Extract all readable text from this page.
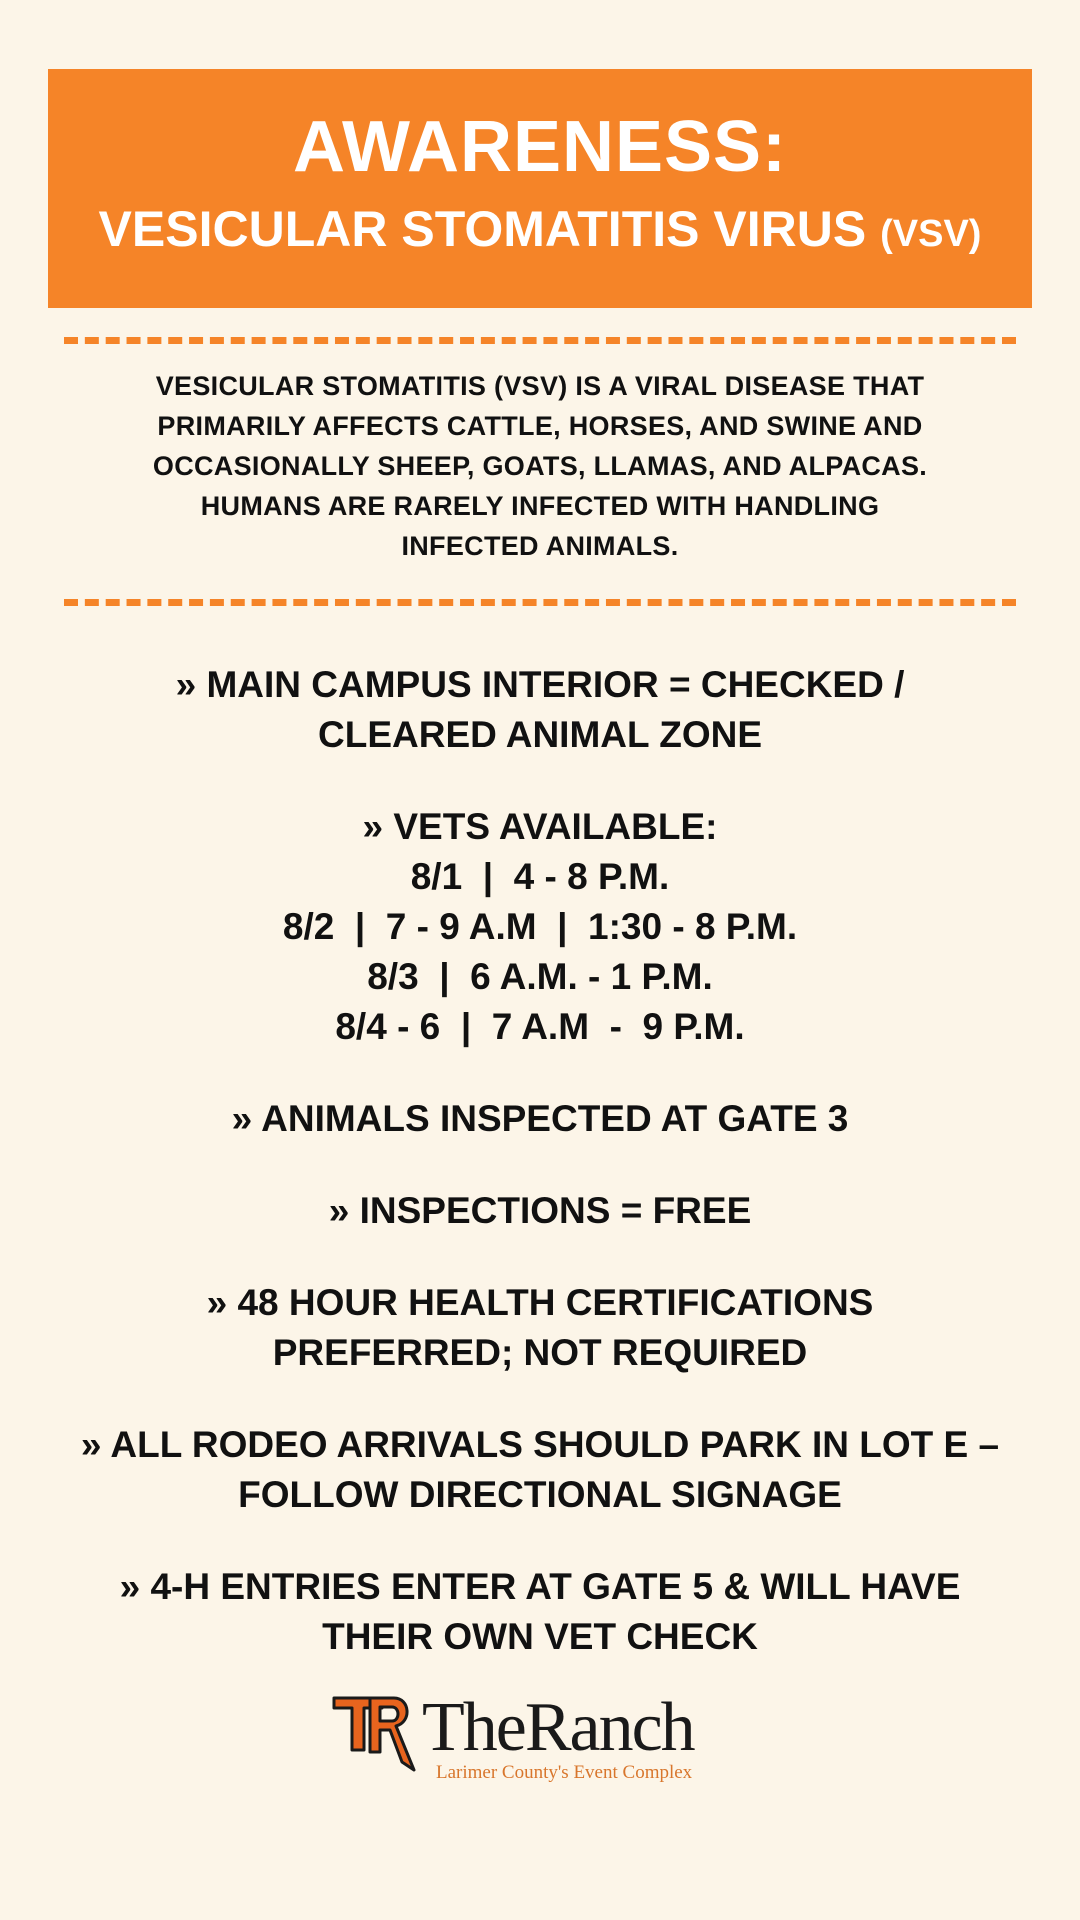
AWARENESS:
VESICULAR STOMATITIS VIRUS (VSV)
VESICULAR STOMATITIS (VSV) IS A VIRAL DISEASE THAT
PRIMARILY AFFECTS CATTLE, HORSES, AND SWINE AND
OCCASIONALLY SHEEP, GOATS, LLAMAS, AND ALPACAS.
HUMANS ARE RARELY INFECTED WITH HANDLING
INFECTED ANIMALS.
» MAIN CAMPUS INTERIOR = CHECKED /
CLEARED ANIMAL ZONE
» VETS AVAILABLE:
8/1  |  4 - 8 P.M.
8/2  |  7 - 9 A.M  |  1:30 - 8 P.M.
8/3  |  6 A.M. - 1 P.M.
8/4 - 6  |  7 A.M  -  9 P.M.
» ANIMALS INSPECTED AT GATE 3
» INSPECTIONS = FREE
» 48 HOUR HEALTH CERTIFICATIONS
PREFERRED; NOT REQUIRED
» ALL RODEO ARRIVALS SHOULD PARK IN LOT E –
FOLLOW DIRECTIONAL SIGNAGE
» 4-H ENTRIES ENTER AT GATE 5 & WILL HAVE
THEIR OWN VET CHECK
TheRanch
Larimer County's Event Complex
